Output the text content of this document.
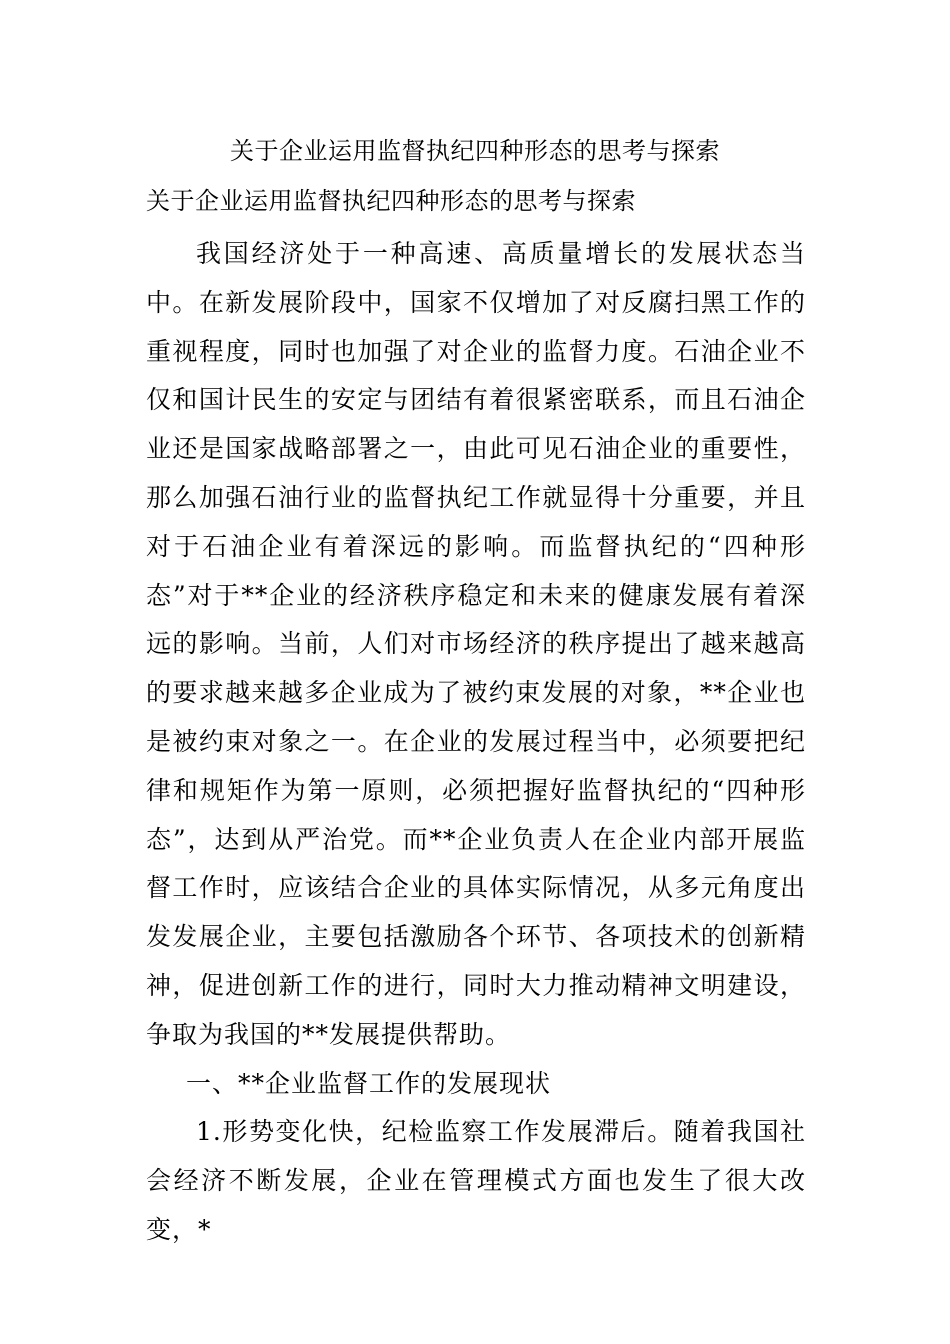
关于企业运用监督执纪四种形态的思考与探索
关于企业运用监督执纪四种形态的思考与探索

我国经济处于一种高速、高质量增长的发展状态当中。在新发展阶段中，国家不仅增加了对反腐扫黑工作的重视程度，同时也加强了对企业的监督力度。石油企业不仅和国计民生的安定与团结有着很紧密联系，而且石油企业还是国家战略部署之一，由此可见石油企业的重要性，那么加强石油行业的监督执纪工作就显得十分重要，并且对于石油企业有着深远的影响。而监督执纪的“四种形态”对于**企业的经济秩序稳定和未来的健康发展有着深远的影响。当前，人们对市场经济的秩序提出了越来越高的要求越来越多企业成为了被约束发展的对象，**企业也是被约束对象之一。在企业的发展过程当中，必须要把纪律和规矩作为第一原则，必须把握好监督执纪的“四种形态”，达到从严治党。而**企业负责人在企业内部开展监督工作时，应该结合企业的具体实际情况，从多元角度出发发展企业，主要包括激励各个环节、各项技术的创新精神，促进创新工作的进行，同时大力推动精神文明建设，争取为我国的**发展提供帮助。

一、**企业监督工作的发展现状

1.形势变化快，纪检监察工作发展滞后。随着我国社会经济不断发展，企业在管理模式方面也发生了很大改变，*
